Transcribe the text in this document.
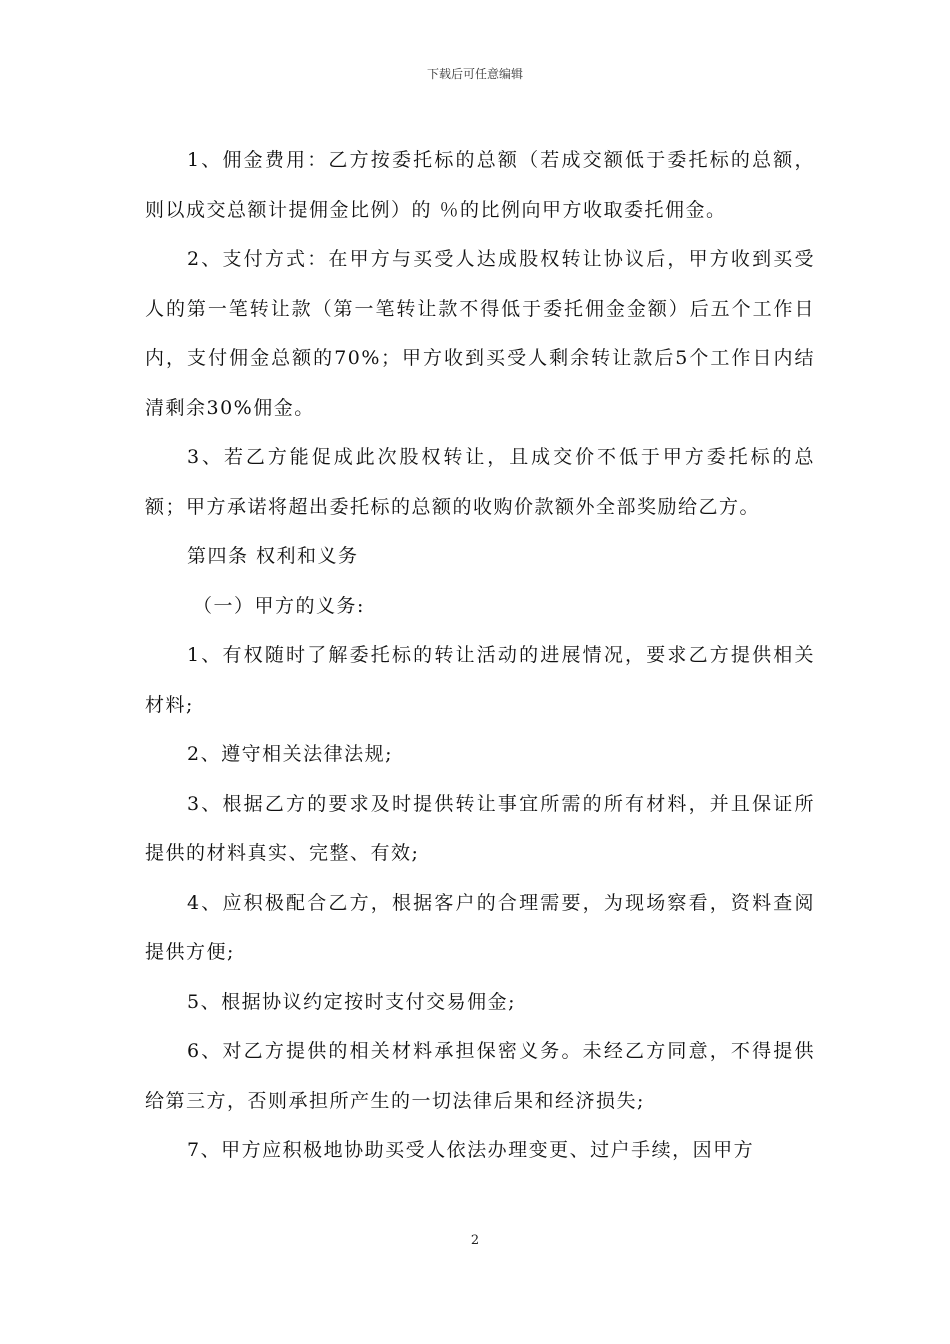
下载后可任意编辑

1、佣金费用：乙方按委托标的总额（若成交额低于委托标的总额，则以成交总额计提佣金比例）的 ％的比例向甲方收取委托佣金。

2、支付方式：在甲方与买受人达成股权转让协议后，甲方收到买受人的第一笔转让款（第一笔转让款不得低于委托佣金金额）后五个工作日内，支付佣金总额的70%；甲方收到买受人剩余转让款后5个工作日内结清剩余30%佣金。

3、若乙方能促成此次股权转让，且成交价不低于甲方委托标的总额；甲方承诺将超出委托标的总额的收购价款额外全部奖励给乙方。

第四条 权利和义务

（一）甲方的义务:

1、有权随时了解委托标的转让活动的进展情况，要求乙方提供相关材料;

2、遵守相关法律法规;

3、根据乙方的要求及时提供转让事宜所需的所有材料，并且保证所提供的材料真实、完整、有效;

4、应积极配合乙方，根据客户的合理需要，为现场察看，资料查阅提供方便;

5、根据协议约定按时支付交易佣金;

6、对乙方提供的相关材料承担保密义务。未经乙方同意，不得提供给第三方，否则承担所产生的一切法律后果和经济损失;

7、甲方应积极地协助买受人依法办理变更、过户手续，因甲方

2
